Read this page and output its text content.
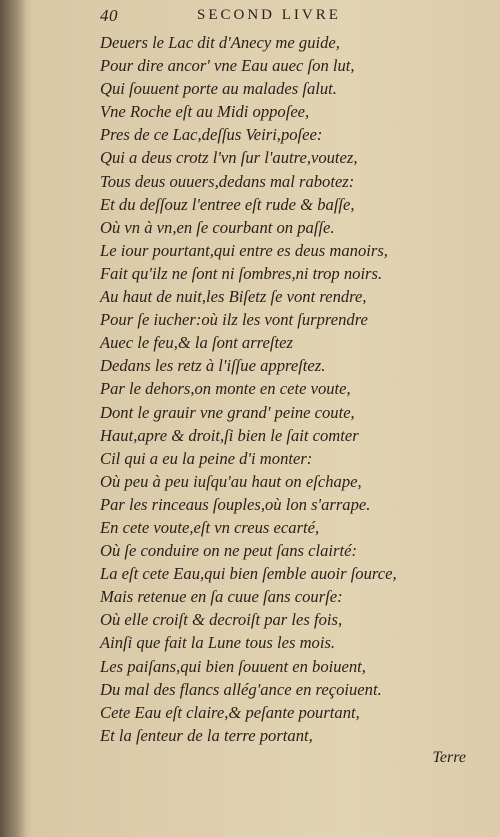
40	SECOND LIVRE
Deuers le Lac dit d'Anecy me guide,
Pour dire ancor' vne Eau auec ſon lut,
Qui ſouuent porte au malades ſalut.
Vne Roche eſt au Midi oppoſee,
Pres de ce Lac,deſſus Veiri,poſee:
Qui a deus crotz l'vn ſur l'autre,voutez,
Tous deus ouuers,dedans mal rabotez:
Et du deſſouz l'entree eſt rude & baſſe,
Où vn à vn,en ſe courbant on paſſe.
Le iour pourtant,qui entre es deus manoirs,
Fait qu'ilz ne ſont ni ſombres,ni trop noirs.
Au haut de nuit,les Biſetz ſe vont rendre,
Pour ſe iucher:où ilz les vont ſurprendre
Auec le feu,& la ſont arreſtez
Dedans les retz à l'iſſue appreſtez.
Par le dehors,on monte en cete voute,
Dont le grauir vne grand' peine coute,
Haut,apre & droit,ſi bien le ſait comter
Cil qui a eu la peine d'i monter:
Où peu à peu iuſqu'au haut on eſchape,
Par les rinceaus ſouples,où lon s'arrape.
En cete voute,eſt vn creus ecarté,
Où ſe conduire on ne peut ſans clairté:
La eſt cete Eau,qui bien ſemble auoir ſource,
Mais retenue en ſa cuue ſans courſe:
Où elle croiſt & decroiſt par les fois,
Ainſi que fait la Lune tous les mois.
Les paiſans,qui bien ſouuent en boiuent,
Du mal des flancs allég'ance en reçoiuent.
Cete Eau eſt claire,& peſante pourtant,
Et la ſenteur de la terre portant,
Terre
